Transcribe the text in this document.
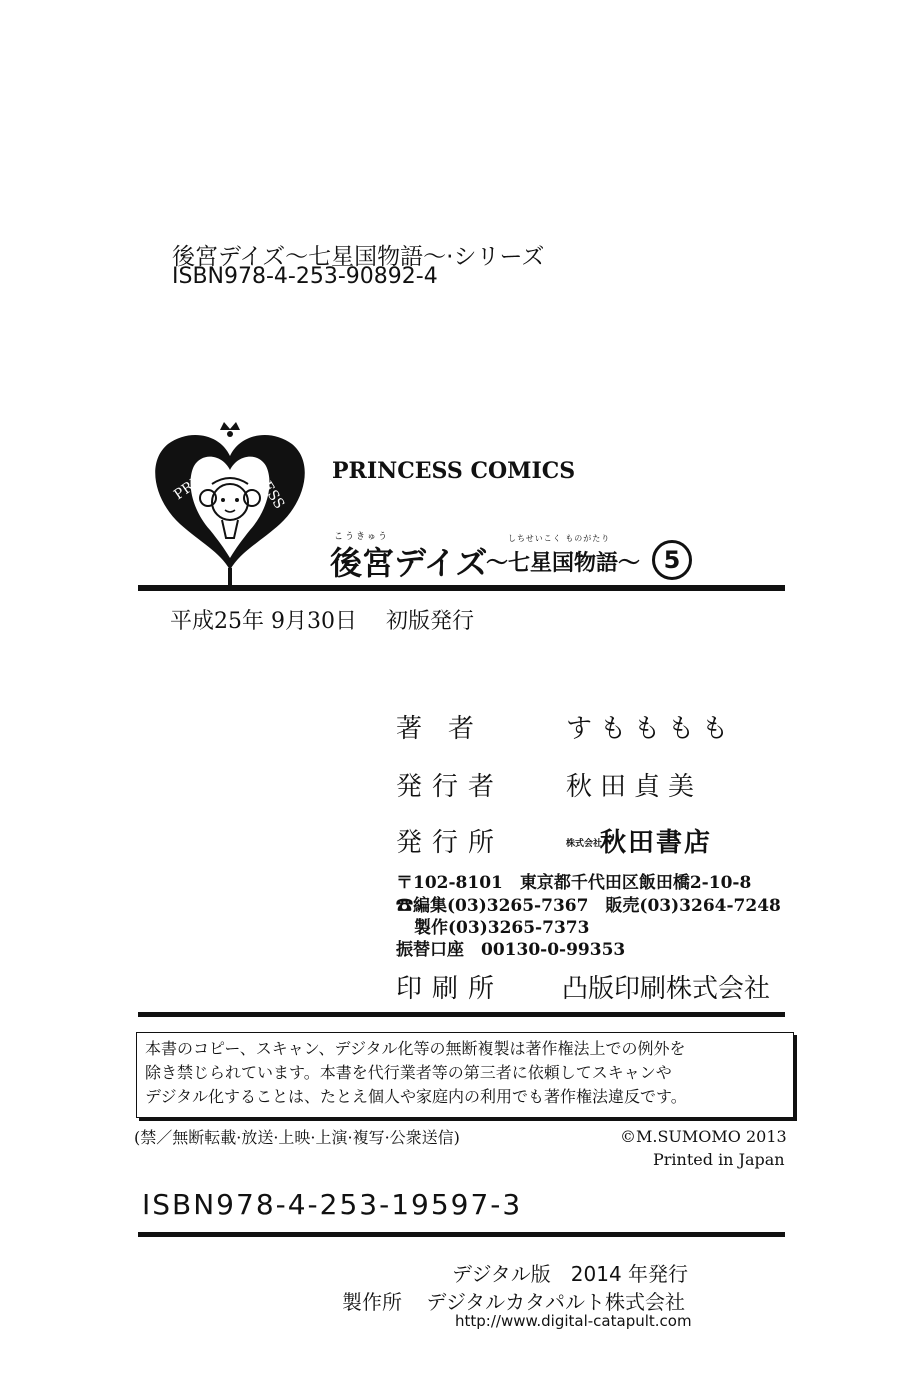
後宮デイズ〜七星国物語〜·シリーズ
ISBN978-4-253-90892-4
PRIN	CESS PRINCESS COMICS
こうきゅう	しちせいこく ものがたり
後宮デイズ
〜七星国物語〜 5
平成25年 9月30日 初版発行
著者	すもももも
発行者 秋田貞美
発行所	株式会社秋田書店
〒102-8101　東京都千代田区飯田橋2-10-8
☎編集(03)3265-7367　販売(03)3264-7248
製作(03)3265-7373
振替口座　00130-0-99353
印刷所 凸版印刷株式会社
本書のコピー、スキャン、デジタル化等の無断複製は著作権法上での例外を
除き禁じられています。本書を代行業者等の第三者に依頼してスキャンや
デジタル化することは、たとえ個人や家庭内の利用でも著作権法違反です。
(禁／無断転載·放送·上映·上演·複写·公衆送信)	©M.SUMOMO 2013
Printed in Japan
ISBN978-4-253-19597-3
デジタル版　2014 年発行
製作所 デジタルカタパルト株式会社
http://www.digital-catapult.com
